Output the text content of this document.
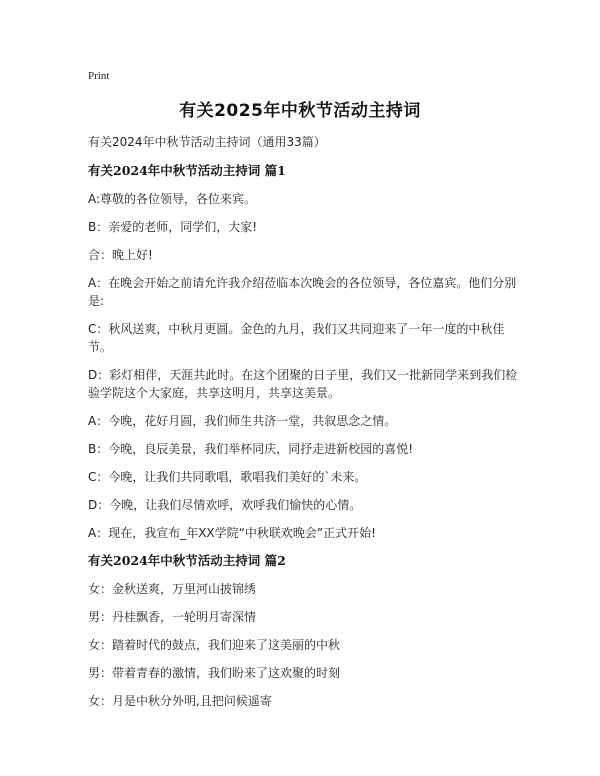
Print
有关2025年中秋节活动主持词
有关2024年中秋节活动主持词（通用33篇）
有关2024年中秋节活动主持词 篇1

A:尊敬的各位领导，各位来宾。

B：亲爱的老师，同学们，大家!

合：晚上好!

A：在晚会开始之前请允许我介绍莅临本次晚会的各位领导，各位嘉宾。他们分别是:

C：秋风送爽，中秋月更圆。金色的九月，我们又共同迎来了一年一度的中秋佳节。

D：彩灯相伴，天涯共此时。在这个团聚的日子里，我们又一批新同学来到我们检验学院这个大家庭，共享这明月，共享这美景。

A：今晚，花好月圆，我们师生共济一堂，共叙思念之情。

B：今晚，良辰美景，我们举杯同庆，同抒走进新校园的喜悦!

C：今晚，让我们共同歌唱，歌唱我们美好的`未来。

D：今晚，让我们尽情欢呼，欢呼我们愉快的心情。

A：现在，我宣布_年XX学院“中秋联欢晚会”正式开始!

有关2024年中秋节活动主持词 篇2

女：金秋送爽，万里河山披锦绣

男：丹桂飘香，一轮明月寄深情

女：踏着时代的鼓点，我们迎来了这美丽的中秋

男：带着青春的激情，我们盼来了这欢聚的时刻

女：月是中秋分外明,且把问候遥寄
